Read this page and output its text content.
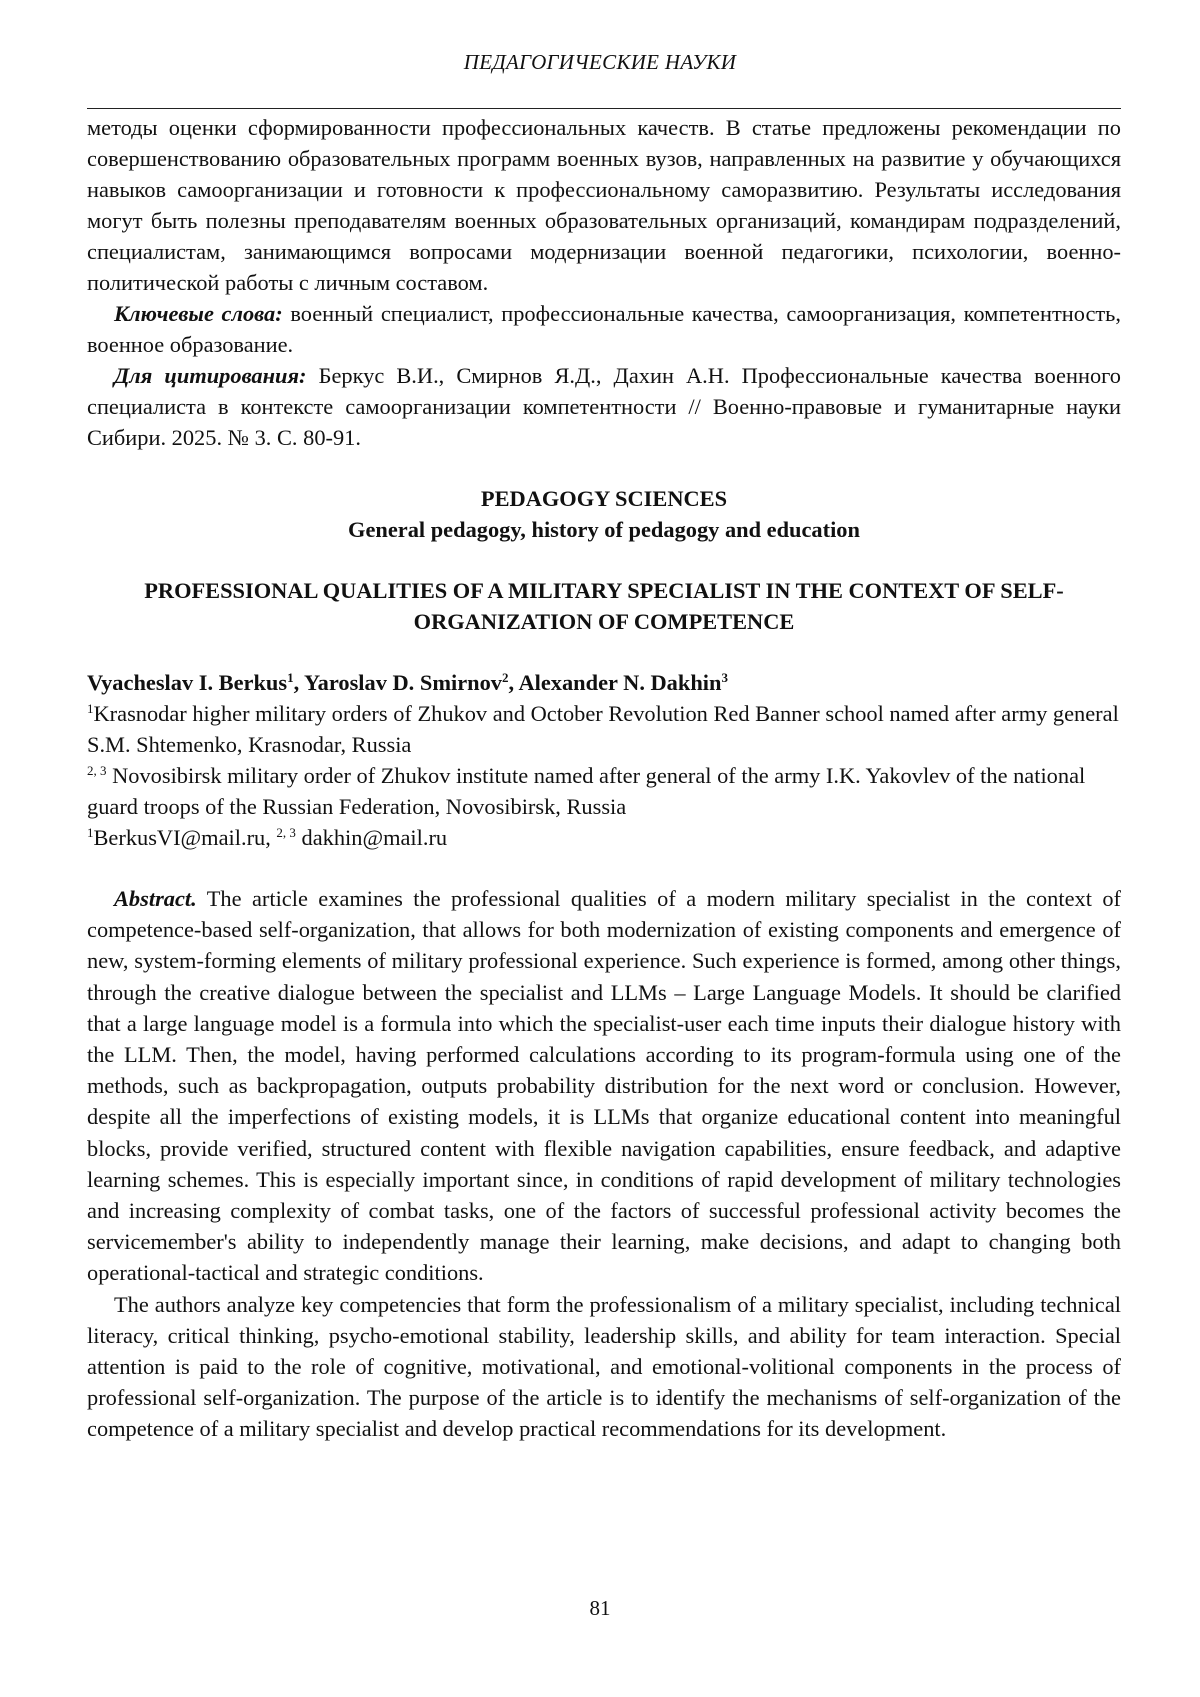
ПЕДАГОГИЧЕСКИЕ НАУКИ

методы оценки сформированности профессиональных качеств. В статье предложены рекомендации по совершенствованию образовательных программ военных вузов, направленных на развитие у обучающихся навыков самоорганизации и готовности к профессиональному саморазвитию. Результаты исследования могут быть полезны преподавателям военных образовательных организаций, командирам подразделений, специалистам, занимающимся вопросами модернизации военной педагогики, психологии, военно-политической работы с личным составом.

Ключевые слова: военный специалист, профессиональные качества, самоорганизация, компетентность, военное образование.

Для цитирования: Беркус В.И., Смирнов Я.Д., Дахин А.Н. Профессиональные качества военного специалиста в контексте самоорганизации компетентности // Военно-правовые и гуманитарные науки Сибири. 2025. № 3. С. 80-91.

PEDAGOGY SCIENCES

General pedagogy, history of pedagogy and education

PROFESSIONAL QUALITIES OF A MILITARY SPECIALIST IN THE CONTEXT OF SELF-ORGANIZATION OF COMPETENCE

Vyacheslav I. Berkus$^1$, Yaroslav D. Smirnov$^2$, Alexander N. Dakhin$^3$

$^1$Krasnodar higher military orders of Zhukov and October Revolution Red Banner school named after army general S.M. Shtemenko, Krasnodar, Russia

$^{2, 3}$ Novosibirsk military order of Zhukov institute named after general of the army I.K. Yakovlev of the national guard troops of the Russian Federation, Novosibirsk, Russia

$^1$BerkusVI@mail.ru, $^{2, 3}$ dakhin@mail.ru

Abstract. The article examines the professional qualities of a modern military specialist in the context of competence-based self-organization, that allows for both modernization of existing components and emergence of new, system-forming elements of military professional experience. Such experience is formed, among other things, through the creative dialogue between the specialist and LLMs – Large Language Models. It should be clarified that a large language model is a formula into which the specialist-user each time inputs their dialogue history with the LLM. Then, the model, having performed calculations according to its program-formula using one of the methods, such as backpropagation, outputs probability distribution for the next word or conclusion. However, despite all the imperfections of existing models, it is LLMs that organize educational content into meaningful blocks, provide verified, structured content with flexible navigation capabilities, ensure feedback, and adaptive learning schemes. This is especially important since, in conditions of rapid development of military technologies and increasing complexity of combat tasks, one of the factors of successful professional activity becomes the servicemember's ability to independently manage their learning, make decisions, and adapt to changing both operational-tactical and strategic conditions.

The authors analyze key competencies that form the professionalism of a military specialist, including technical literacy, critical thinking, psycho-emotional stability, leadership skills, and ability for team interaction. Special attention is paid to the role of cognitive, motivational, and emotional-volitional components in the process of professional self-organization. The purpose of the article is to identify the mechanisms of self-organization of the competence of a military specialist and develop practical recommendations for its development.

81
